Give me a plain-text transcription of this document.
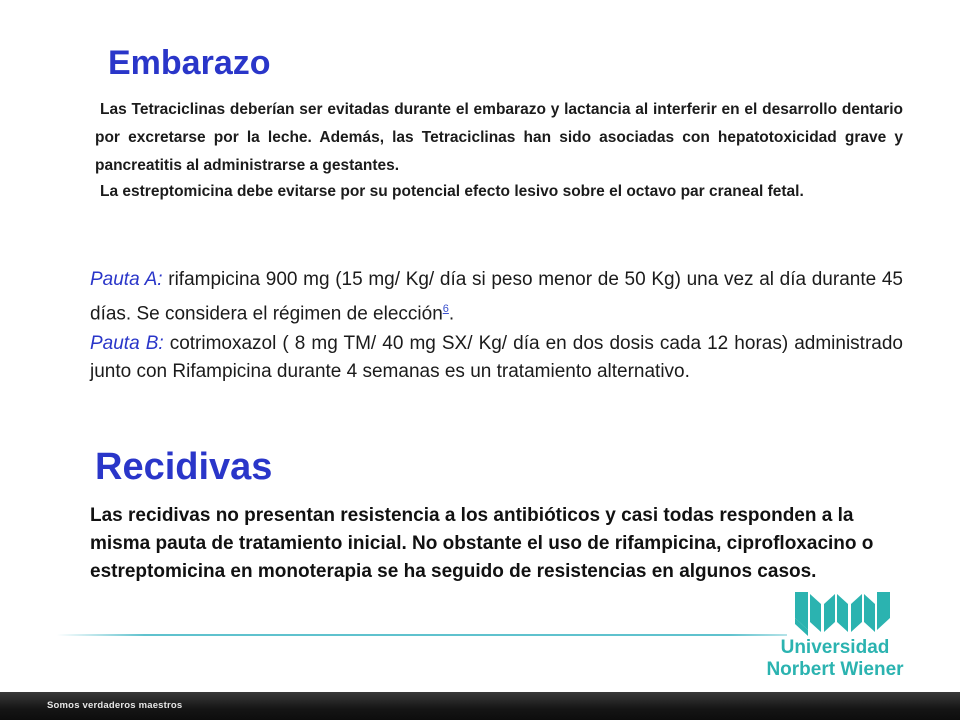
Embarazo

Las Tetraciclinas deberían ser evitadas durante el embarazo y lactancia al interferir en el desarrollo dentario por excretarse por la leche. Además, las Tetraciclinas han sido asociadas con hepatotoxicidad grave y pancreatitis al administrarse a gestantes.

La estreptomicina debe evitarse por su potencial efecto lesivo sobre el octavo par craneal fetal.

Pauta A: rifampicina 900 mg (15 mg/ Kg/ día si peso menor de 50 Kg) una vez al día durante 45 días. Se considera el régimen de elección$^6$.

Pauta B: cotrimoxazol ( 8 mg TM/ 40 mg SX/ Kg/ día en dos dosis cada 12 horas) administrado junto con Rifampicina durante 4 semanas es un tratamiento alternativo.

Recidivas

Las recidivas no presentan resistencia a los antibióticos y casi todas responden a la misma pauta de tratamiento inicial. No obstante el uso de rifampicina, ciprofloxacino o estreptomicina en monoterapia se ha seguido de resistencias en algunos casos.

Universidad

Norbert Wiener

Somos verdaderos maestros
